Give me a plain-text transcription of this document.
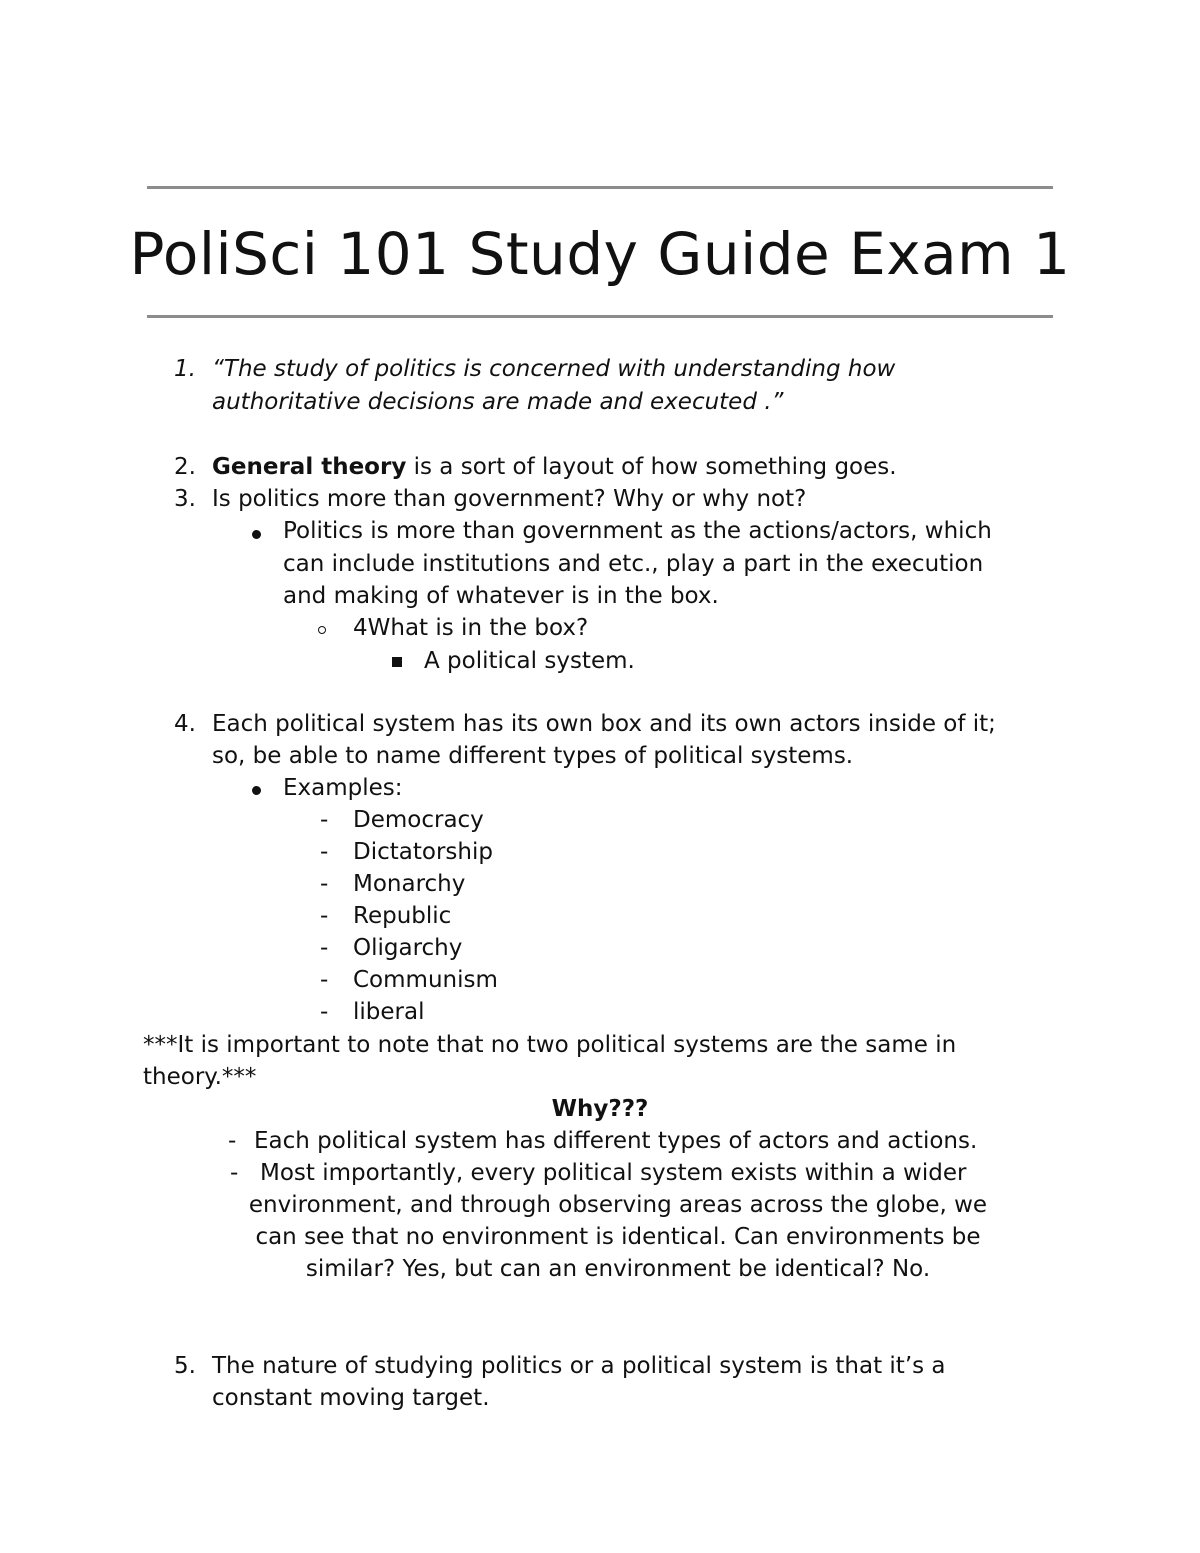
PoliSci 101 Study Guide Exam 1
1. “The study of politics is concerned with understanding how
authoritative decisions are made and executed .”
2. General theory is a sort of layout of how something goes.
3. Is politics more than government? Why or why not?
Politics is more than government as the actions/actors, which
can include institutions and etc., play a part in the execution
and making of whatever is in the box.
4What is in the box?
A political system.
4. Each political system has its own box and its own actors inside of it;
so, be able to name different types of political systems.
Examples:
- Democracy
- Dictatorship
- Monarchy
- Republic
- Oligarchy
- Communism
- liberal
***It is important to note that no two political systems are the same in
theory.***
Why???
- Each political system has different types of actors and actions.
- Most importantly, every political system exists within a wider
environment, and through observing areas across the globe, we
can see that no environment is identical. Can environments be
similar? Yes, but can an environment be identical? No.
5. The nature of studying politics or a political system is that it’s a
constant moving target.
